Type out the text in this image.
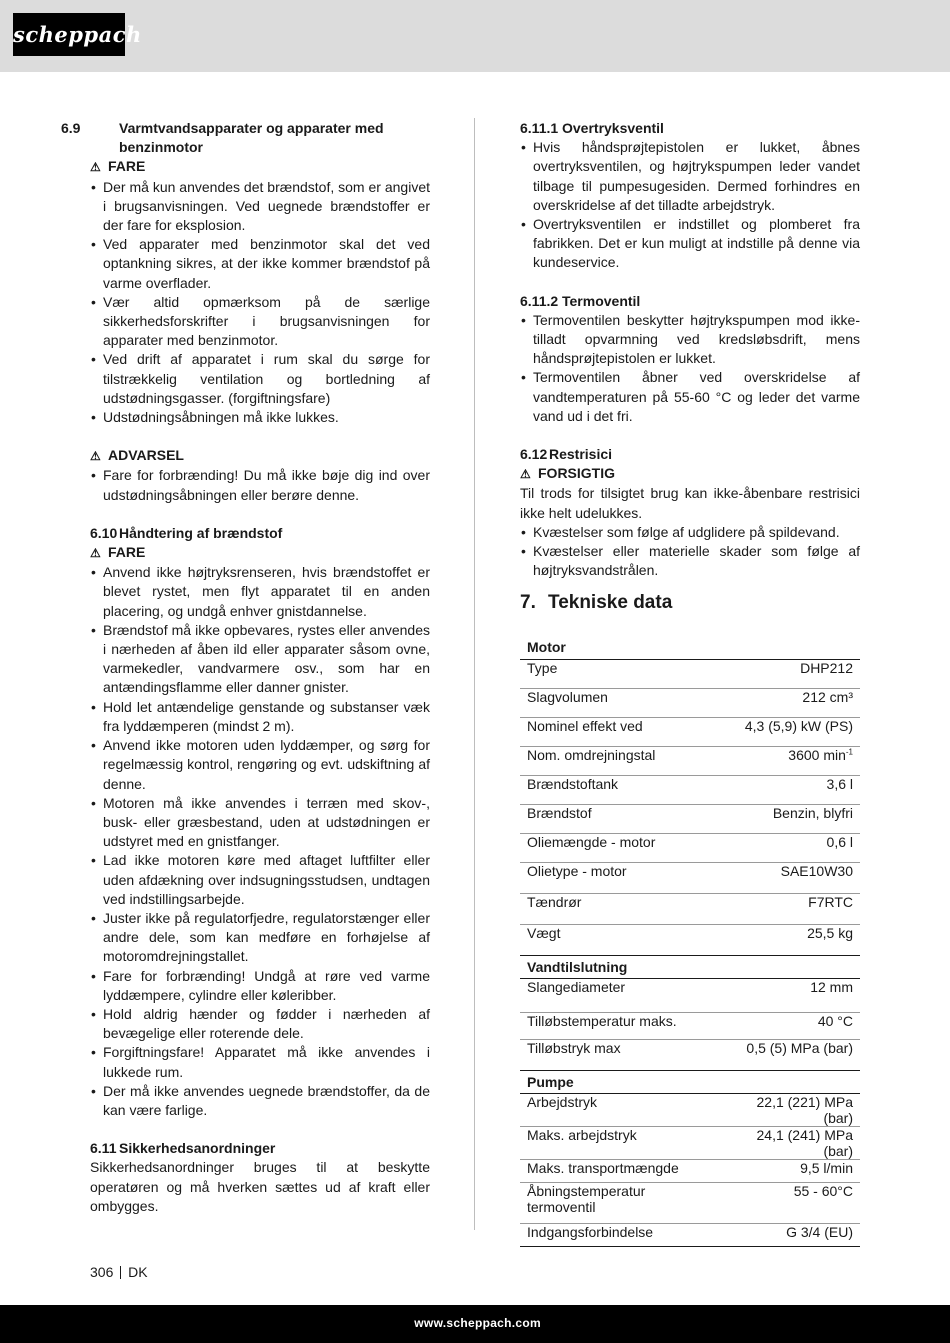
scheppach
6.9	Varmtvandsapparater og apparater med benzinmotor
⚠ FARE
• Der må kun anvendes det brændstof, som er angivet i brugsanvisningen. Ved uegnede brændstoffer er der fare for eksplosion.
• Ved apparater med benzinmotor skal det ved optankning sikres, at der ikke kommer brændstof på varme overflader.
• Vær altid opmærksom på de særlige sikkerhedsforskrifter i brugsanvisningen for apparater med benzinmotor.
• Ved drift af apparatet i rum skal du sørge for tilstrækkelig ventilation og bortledning af udstødningsgasser. (forgiftningsfare)
• Udstødningsåbningen må ikke lukkes.
⚠ ADVARSEL
• Fare for forbrænding! Du må ikke bøje dig ind over udstødningsåbningen eller berøre denne.
6.10 Håndtering af brændstof
⚠ FARE
• Anvend ikke højtryksrenseren, hvis brændstoffet er blevet rystet, men flyt apparatet til en anden placering, og undgå enhver gnistdannelse.
• Brændstof må ikke opbevares, rystes eller anvendes i nærheden af åben ild eller apparater såsom ovne, varmekedler, vandvarmere osv., som har en antændingsflamme eller danner gnister.
• Hold let antændelige genstande og substanser væk fra lyddæmperen (mindst 2 m).
• Anvend ikke motoren uden lyddæmper, og sørg for regelmæssig kontrol, rengøring og evt. udskiftning af denne.
• Motoren må ikke anvendes i terræn med skov-, busk- eller græsbestand, uden at udstødningen er udstyret med en gnistfanger.
• Lad ikke motoren køre med aftaget luftfilter eller uden afdækning over indsugningsstudsen, undtagen ved indstillingsarbejde.
• Juster ikke på regulatorfjedre, regulatorstænger eller andre dele, som kan medføre en forhøjelse af motoromdrejningstallet.
• Fare for forbrænding! Undgå at røre ved varme lyddæmpere, cylindre eller køleribber.
• Hold aldrig hænder og fødder i nærheden af bevægelige eller roterende dele.
• Forgiftningsfare! Apparatet må ikke anvendes i lukkede rum.
• Der må ikke anvendes uegnede brændstoffer, da de kan være farlige.
6.11 Sikkerhedsanordninger

Sikkerhedsanordninger bruges til at beskytte operatøren og må hverken sættes ud af kraft eller ombygges.

6.11.1 Overtryksventil
• Hvis håndsprøjtepistolen er lukket, åbnes overtryksventilen, og højtrykspumpen leder vandet tilbage til pumpesugesiden. Dermed forhindres en overskridelse af det tilladte arbejdstryk.
• Overtryksventilen er indstillet og plomberet fra fabrikken. Det er kun muligt at indstille på denne via kundeservice.
6.11.2 Termoventil
• Termoventilen beskytter højtrykspumpen mod ikke-tilladt opvarmning ved kredsløbsdrift, mens håndsprøjtepistolen er lukket.
• Termoventilen åbner ved overskridelse af vandtemperaturen på 55-60 °C og leder det varme vand ud i det fri.
6.12 Restrisici
⚠ FORSIGTIG

Til trods for tilsigtet brug kan ikke-åbenbare restrisici ikke helt udelukkes.

• Kvæstelser som følge af udglidere på spildevand.
• Kvæstelser eller materielle skader som følge af højtryksvandstrålen.
7. Tekniske data
Motor	
Type	DHP212
Slagvolumen	212 cm³
Nominel effekt ved	4,3 (5,9) kW (PS)
Nom. omdrejningstal	3600 $\min^{-1}$
Brændstoftank	3,6 l
Brændstof	Benzin, blyfri
Oliemængde - motor	0,6 l
Olietype - motor	SAE10W30
Tændrør	F7RTC
Vægt	25,5 kg
Vandtilslutning	
Slangediameter	12 mm
Tilløbstemperatur maks.	40 °C
Tilløbstryk max	0,5 (5) MPa (bar)
Pumpe	
Arbejdstryk	22,1 (221) MPa (bar)
Maks. arbejdstryk	24,1 (241) MPa (bar)
Maks. transportmængde	9,5 l/min
Åbningstemperatur termoventil	55 - 60°C
Indgangsforbindelse	G 3/4 (EU)
306 DK
www.scheppach.com
